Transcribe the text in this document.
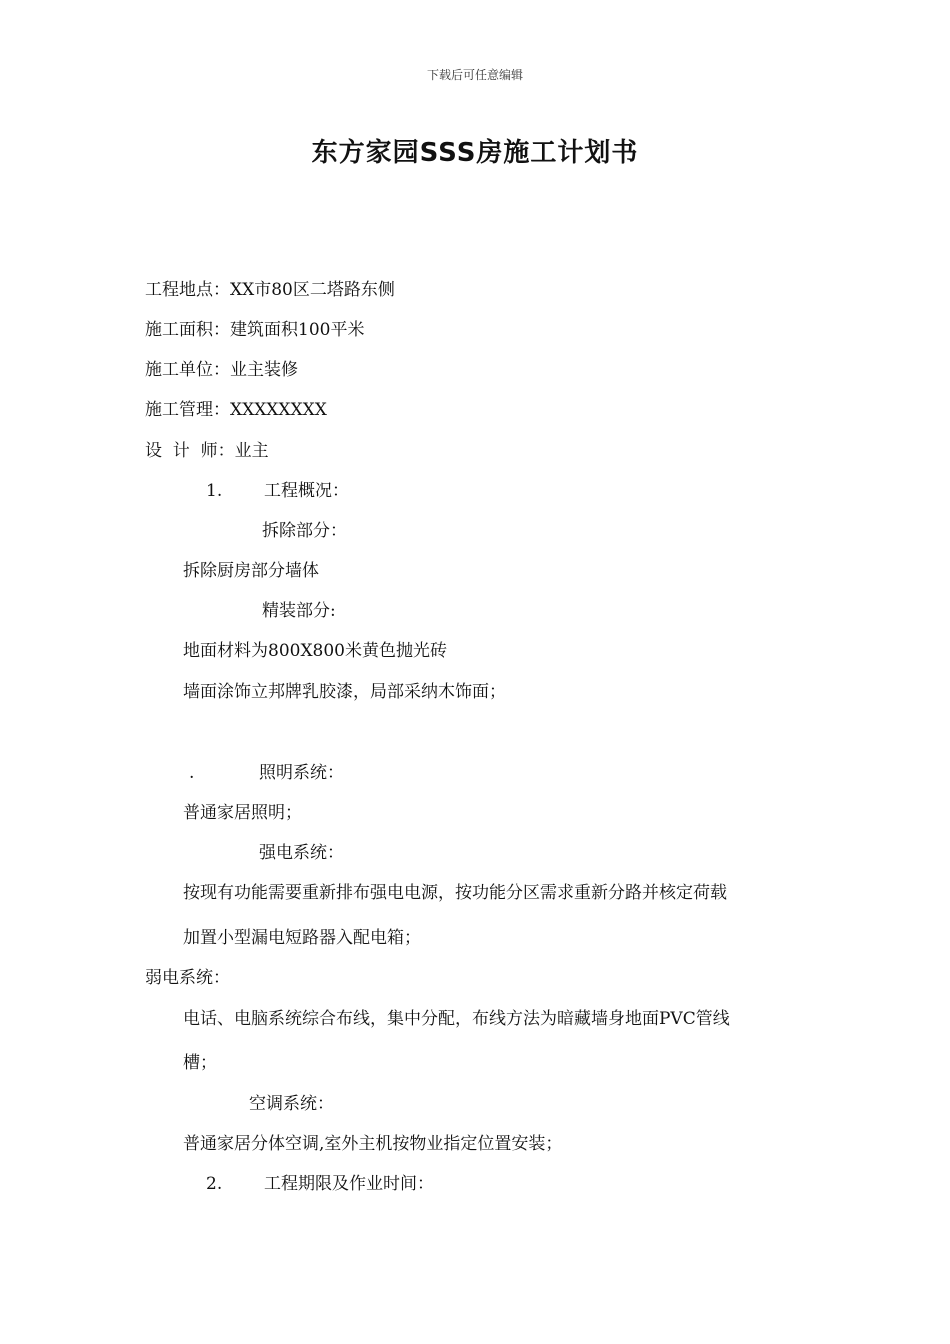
下载后可任意编辑
东方家园SSS房施工计划书
工程地点：XX市80区二塔路东侧
施工面积：建筑面积100平米
施工单位：业主装修
施工管理：XXXXXXXX
设  计  师：业主
1. 工程概况：
拆除部分：
拆除厨房部分墙体
精装部分:
地面材料为800X800米黄色抛光砖
墙面涂饰立邦牌乳胶漆，局部采纳木饰面；
.	照明系统：
普通家居照明；
强电系统：
按现有功能需要重新排布强电电源，按功能分区需求重新分路并核定荷载
加置小型漏电短路器入配电箱；
弱电系统：
电话、电脑系统综合布线，集中分配，布线方法为暗藏墙身地面PVC管线
槽；
空调系统：
普通家居分体空调,室外主机按物业指定位置安装；
2. 工程期限及作业时间：
